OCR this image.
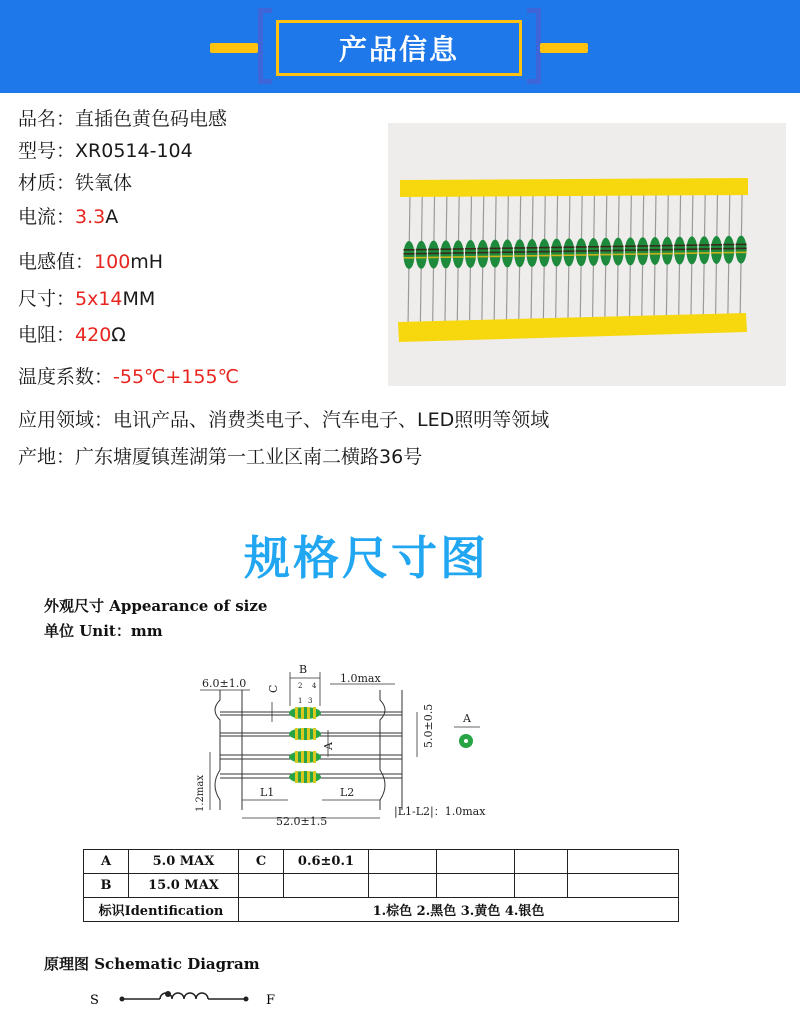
产品信息
品名：直插色黄色码电感
型号：XR0514-104
材质：铁氧体
电流：3.3A
电感值：100mH
尺寸：5x14MM
电阻：420Ω
温度系数：-55℃+155℃
应用领域：电讯产品、消费类电子、汽车电子、LED照明等领域
产地：广东塘厦镇莲湖第一工业区南二横路36号
规格尺寸图
外观尺寸 Appearance of size
单位 Unit：mm
6.0±1.0
B
2 4
1 3
1.0max
C
5.0±0.5
A
1.2max	L1	L2
52.0±1.5
|L1-L2|：1.0max
A
A	5.0 MAX	C	0.6±0.1				
B	15.0 MAX						
标识Identification		1.棕色 2.黑色 3.黄色 4.银色					
原理图 Schematic Diagram
S	F
